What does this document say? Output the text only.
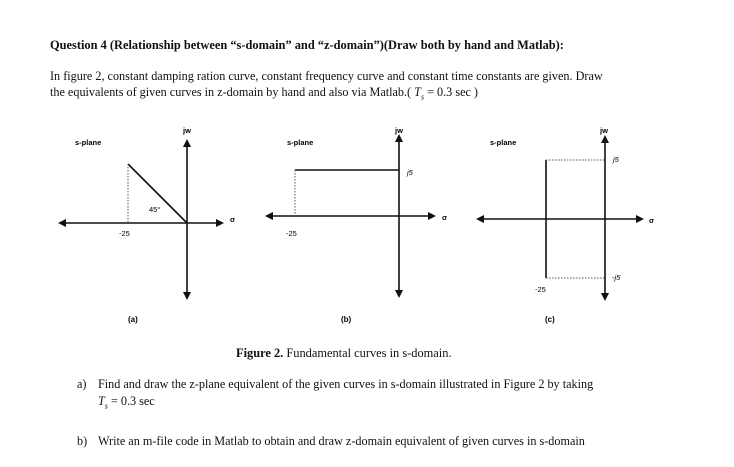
Question 4 (Relationship between “s-domain” and “z-domain”)(Draw both by hand and Matlab):
In figure 2, constant damping ration curve, constant frequency curve and constant time constants are given. Draw
the equivalents of given curves in z-domain by hand and also via Matlab.( $T_s = 0.3$ sec )
s-plane
jw
σ
45°
-25
(a)
s-plane
jw
σ
j5
-25
(b)
s-plane
jw
σ
j5
-j5
-25
(c)
Figure 2. Fundamental curves in s-domain.
a) Find and draw the z-plane equivalent of the given curves in s-domain illustrated in Figure 2 by taking
$T_s = 0.3$ sec
b) Write an m-file code in Matlab to obtain and draw z-domain equivalent of given curves in s-domain
